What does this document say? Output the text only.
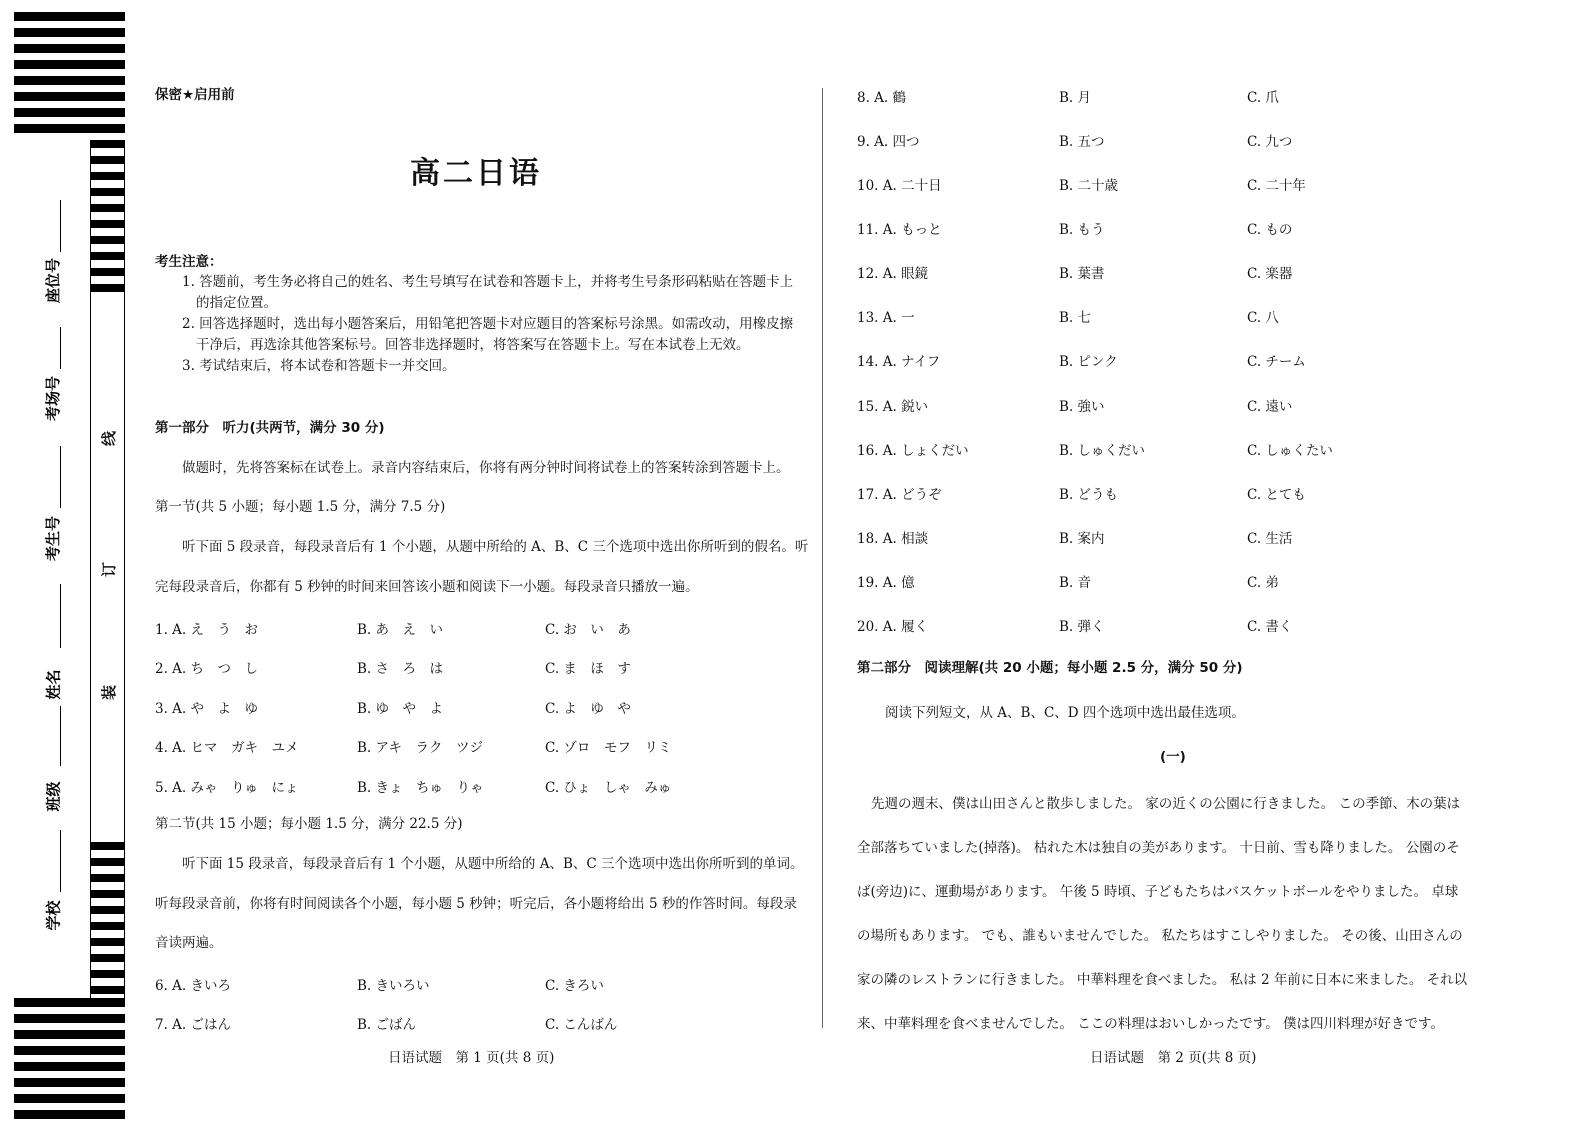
座位号
考场号
考生号
姓名
班级
学校
线
订
装
保密★启用前
高二日语
考生注意：
1. 答题前，考生务必将自己的姓名、考生号填写在试卷和答题卡上，并将考生号条形码粘贴在答题卡上
的指定位置。
2. 回答选择题时，选出每小题答案后，用铅笔把答题卡对应题目的答案标号涂黑。如需改动，用橡皮擦
干净后，再选涂其他答案标号。回答非选择题时，将答案写在答题卡上。写在本试卷上无效。
3. 考试结束后，将本试卷和答题卡一并交回。
第一部分　听力(共两节，满分 30 分)
做题时，先将答案标在试卷上。录音内容结束后，你将有两分钟时间将试卷上的答案转涂到答题卡上。
第一节(共 5 小题；每小题 1.5 分，满分 7.5 分)
听下面 5 段录音，每段录音后有 1 个小题，从题中所给的 A、B、C 三个选项中选出你所听到的假名。听
完每段录音后，你都有 5 秒钟的时间来回答该小题和阅读下一小题。每段录音只播放一遍。
1. A. え　う　お	B. あ　え　い	C. お　い　あ
2. A. ち　つ　し	B. さ　ろ　は	C. ま　ほ　す
3. A. や　よ　ゆ	B. ゆ　や　よ	C. よ　ゆ　や
4. A. ヒマ　ガキ　ユメ	B. アキ　ラク　ツジ	C. ゾロ　モフ　リミ
5. A. みゃ　りゅ　にょ	B. きょ　ちゅ　りゃ	C. ひょ　しゃ　みゅ
第二节(共 15 小题；每小题 1.5 分，满分 22.5 分)
听下面 15 段录音，每段录音后有 1 个小题，从题中所给的 A、B、C 三个选项中选出你所听到的单词。
听每段录音前，你将有时间阅读各个小题，每小题 5 秒钟；听完后，各小题将给出 5 秒的作答时间。每段录
音读两遍。
6. A. きいろ	B. きいろい	C. きろい
7. A. ごはん	B. ごばん	C. こんばん
日语试题　第 1 页(共 8 页)
8. A. 鶴	B. 月	C. 爪
9. A. 四つ	B. 五つ	C. 九つ
10. A. 二十日	B. 二十歳	C. 二十年
11. A. もっと	B. もう	C. もの
12. A. 眼鏡	B. 葉書	C. 楽器
13. A. 一	B. 七	C. 八
14. A. ナイフ	B. ピンク	C. チーム
15. A. 鋭い	B. 強い	C. 遠い
16. A. しょくだい	B. しゅくだい	C. しゅくたい
17. A. どうぞ	B. どうも	C. とても
18. A. 相談	B. 案内	C. 生活
19. A. 億	B. 音	C. 弟
20. A. 履く	B. 弾く	C. 書く
第二部分　阅读理解(共 20 小题；每小题 2.5 分，满分 50 分)
阅读下列短文，从 A、B、C、D 四个选项中选出最佳选项。
(一)
先週の週末、僕は山田さんと散歩しました。 家の近くの公園に行きました。 この季節、木の葉は
全部落ちていました(掉落)。 枯れた木は独自の美があります。 十日前、雪も降りました。 公園のそ
ば(旁边)に、運動場があります。 午後 5 時頃、子どもたちはバスケットボールをやりました。 卓球
の場所もあります。 でも、誰もいませんでした。 私たちはすこしやりました。 その後、山田さんの
家の隣のレストランに行きました。 中華料理を食べました。 私は 2 年前に日本に来ました。 それ以
来、中華料理を食べませんでした。 ここの料理はおいしかったです。 僕は四川料理が好きです。
日语试题　第 2 页(共 8 页)
